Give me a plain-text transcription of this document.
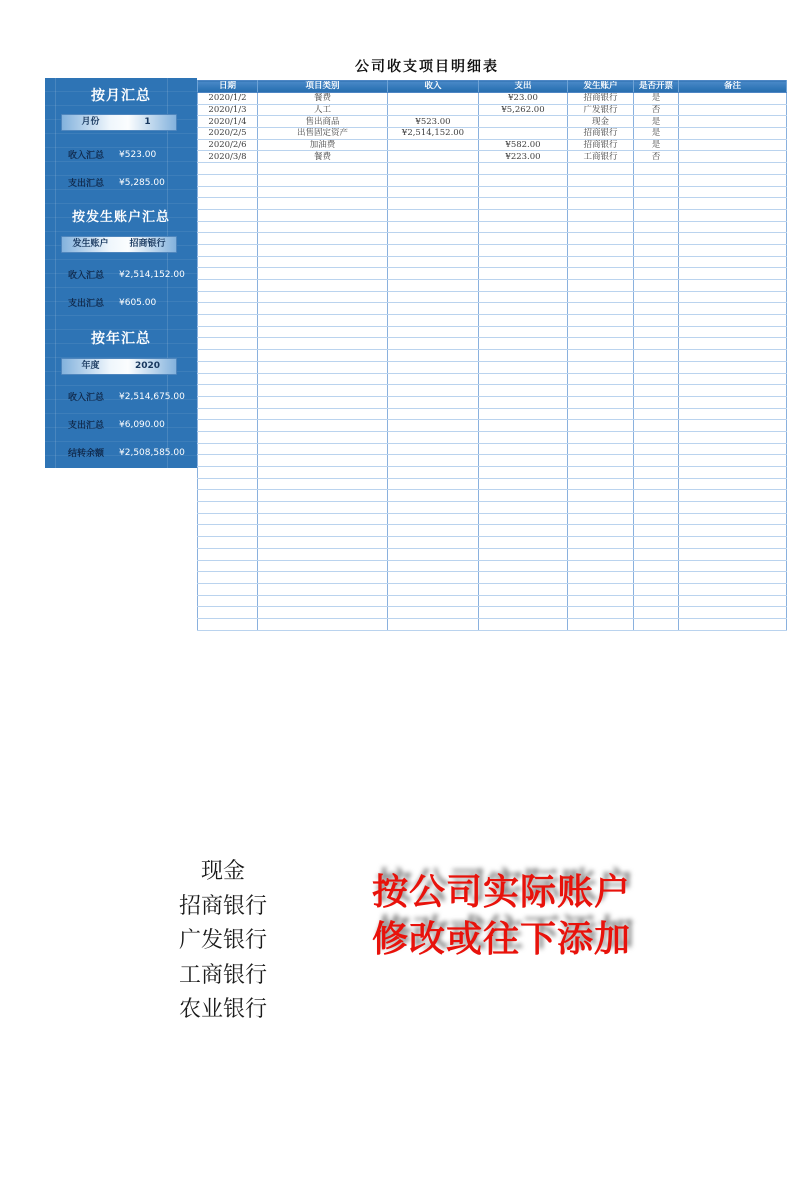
公司收支项目明细表
按月汇总
月份	1
收入汇总	¥523.00
支出汇总	¥5,285.00
按发生账户汇总
发生账户	招商银行
收入汇总	¥2,514,152.00
支出汇总	¥605.00
按年汇总
年度	2020
收入汇总	¥2,514,675.00
支出汇总	¥6,090.00
结转余额	¥2,508,585.00
日期	项目类别	收入	支出	发生账户	是否开票	备注
2020/1/2	餐费		¥23.00	招商银行	是	
2020/1/3	人工		¥5,262.00	广发银行	否	
2020/1/4	售出商品	¥523.00		现金	是	
2020/2/5	出售固定资产	¥2,514,152.00		招商银行	是	
2020/2/6	加油费		¥582.00	招商银行	是	
2020/3/8	餐费		¥223.00	工商银行	否	

现金
招商银行
广发银行
工商银行
农业银行
按公司实际账户
修改或往下添加
